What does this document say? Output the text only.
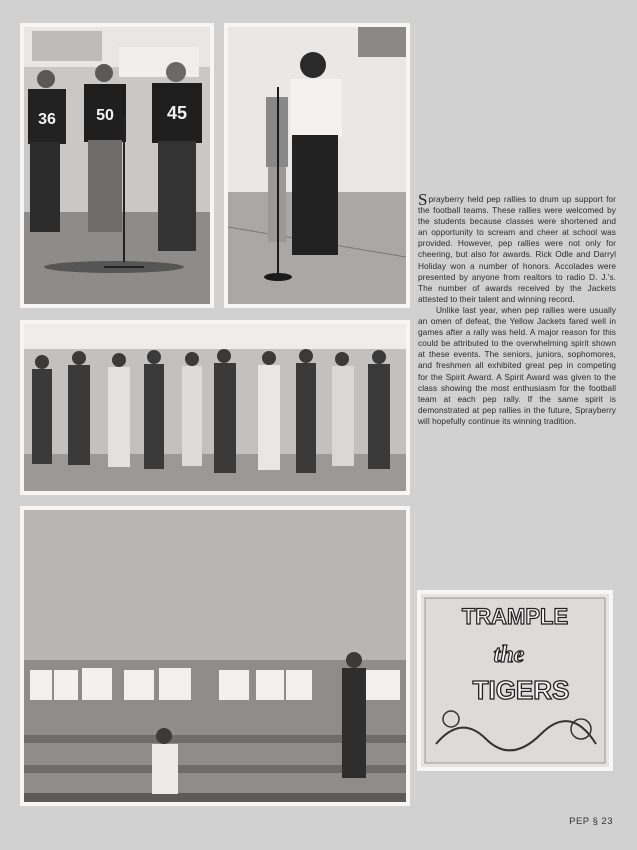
36	50	45

Sprayberry held pep rallies to drum up support for the football teams. These rallies were welcomed by the students because classes were shortened and an opportunity to scream and cheer at school was provided. However, pep rallies were not only for cheering, but also for awards. Rick Odle and Darryl Holiday won a number of honors. Accolades were presented by anyone from realtors to radio D. J.'s. The number of awards received by the Jackets attested to their talent and winning record.

Unlike last year, when pep rallies were usually an omen of defeat, the Yellow Jackets fared well in games after a rally was held. A major reason for this could be attributed to the overwhelming spirit shown at these events. The seniors, juniors, sophomores, and freshmen all exhibited great pep in competing for the Spirit Award. A Spirit Award was given to the class showing the most enthusiasm for the football team at each pep rally. If the same spirit is demonstrated at pep rallies in the future, Sprayberry will hopefully continue its winning tradition.

TRAMPLE
the
TIGERS
PEP § 23
